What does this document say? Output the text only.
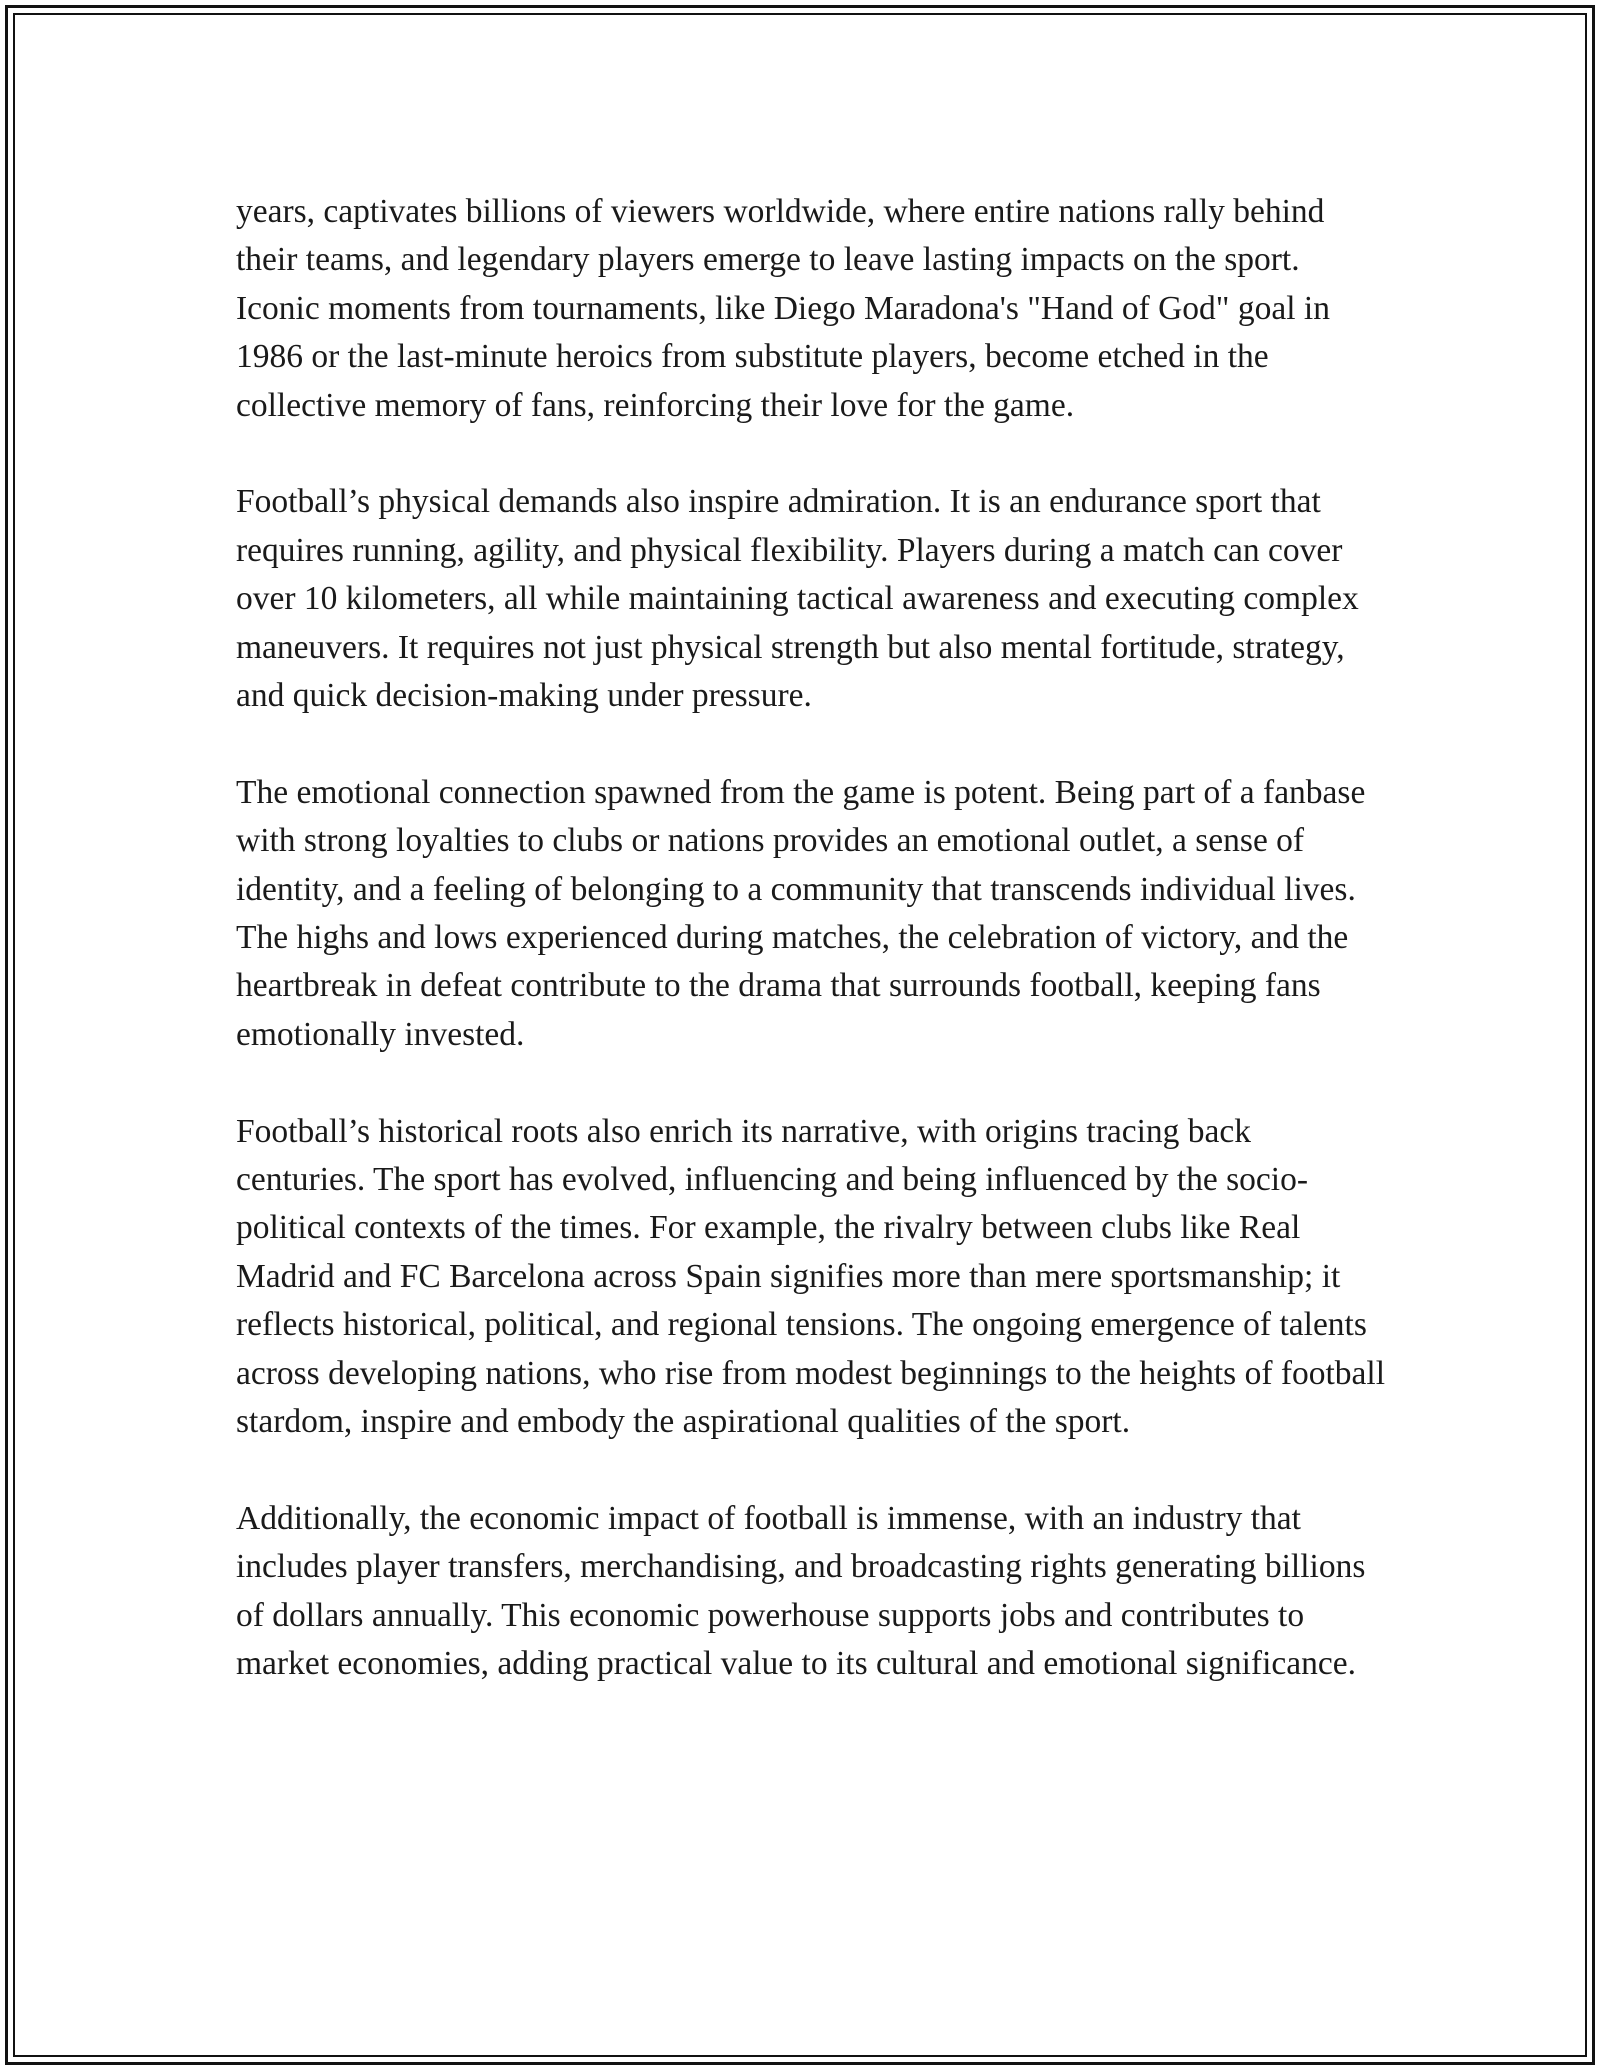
years, captivates billions of viewers worldwide, where entire nations rally behind their teams, and legendary players emerge to leave lasting impacts on the sport. Iconic moments from tournaments, like Diego Maradona's "Hand of God" goal in 1986 or the last-minute heroics from substitute players, become etched in the collective memory of fans, reinforcing their love for the game.

Football’s physical demands also inspire admiration. It is an endurance sport that requires running, agility, and physical flexibility. Players during a match can cover over 10 kilometers, all while maintaining tactical awareness and executing complex maneuvers. It requires not just physical strength but also mental fortitude, strategy, and quick decision-making under pressure.

The emotional connection spawned from the game is potent. Being part of a fanbase with strong loyalties to clubs or nations provides an emotional outlet, a sense of identity, and a feeling of belonging to a community that transcends individual lives. The highs and lows experienced during matches, the celebration of victory, and the heartbreak in defeat contribute to the drama that surrounds football, keeping fans emotionally invested.

Football’s historical roots also enrich its narrative, with origins tracing back centuries. The sport has evolved, influencing and being influenced by the socio-political contexts of the times. For example, the rivalry between clubs like Real Madrid and FC Barcelona across Spain signifies more than mere sportsmanship; it reflects historical, political, and regional tensions. The ongoing emergence of talents across developing nations, who rise from modest beginnings to the heights of football stardom, inspire and embody the aspirational qualities of the sport.

Additionally, the economic impact of football is immense, with an industry that includes player transfers, merchandising, and broadcasting rights generating billions of dollars annually. This economic powerhouse supports jobs and contributes to market economies, adding practical value to its cultural and emotional significance.
